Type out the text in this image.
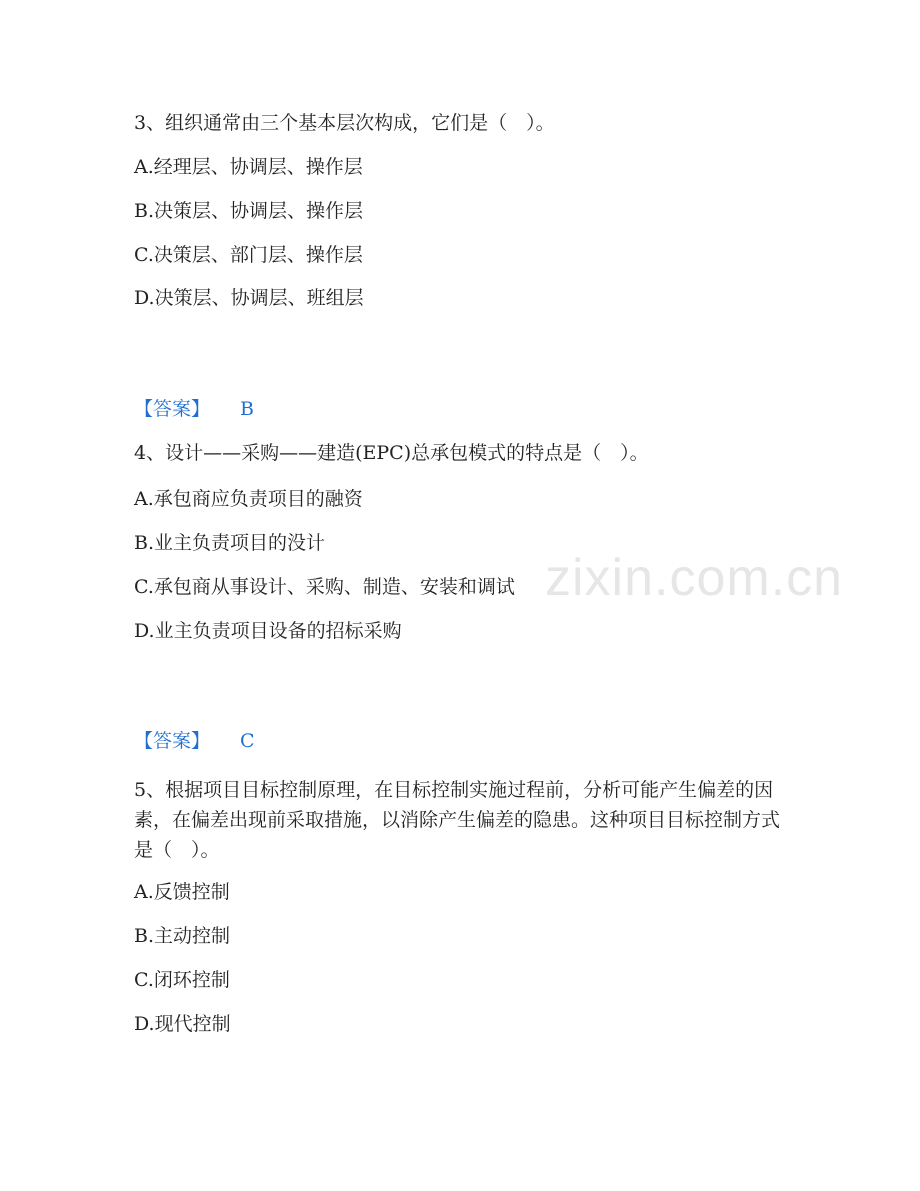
zixin.com.cn
3、组织通常由三个基本层次构成，它们是（　）。
A.经理层、协调层、操作层
B.决策层、协调层、操作层
C.决策层、部门层、操作层
D.决策层、协调层、班组层
【答案】 B
4、设计——采购——建造(EPC)总承包模式的特点是（　）。
A.承包商应负责项目的融资
B.业主负责项目的没计
C.承包商从事设计、采购、制造、安装和调试
D.业主负责项目设备的招标采购
【答案】 C
5、根据项目目标控制原理，在目标控制实施过程前，分析可能产生偏差的因素，在偏差出现前采取措施，以消除产生偏差的隐患。这种项目目标控制方式是（　）。
A.反馈控制
B.主动控制
C.闭环控制
D.现代控制
